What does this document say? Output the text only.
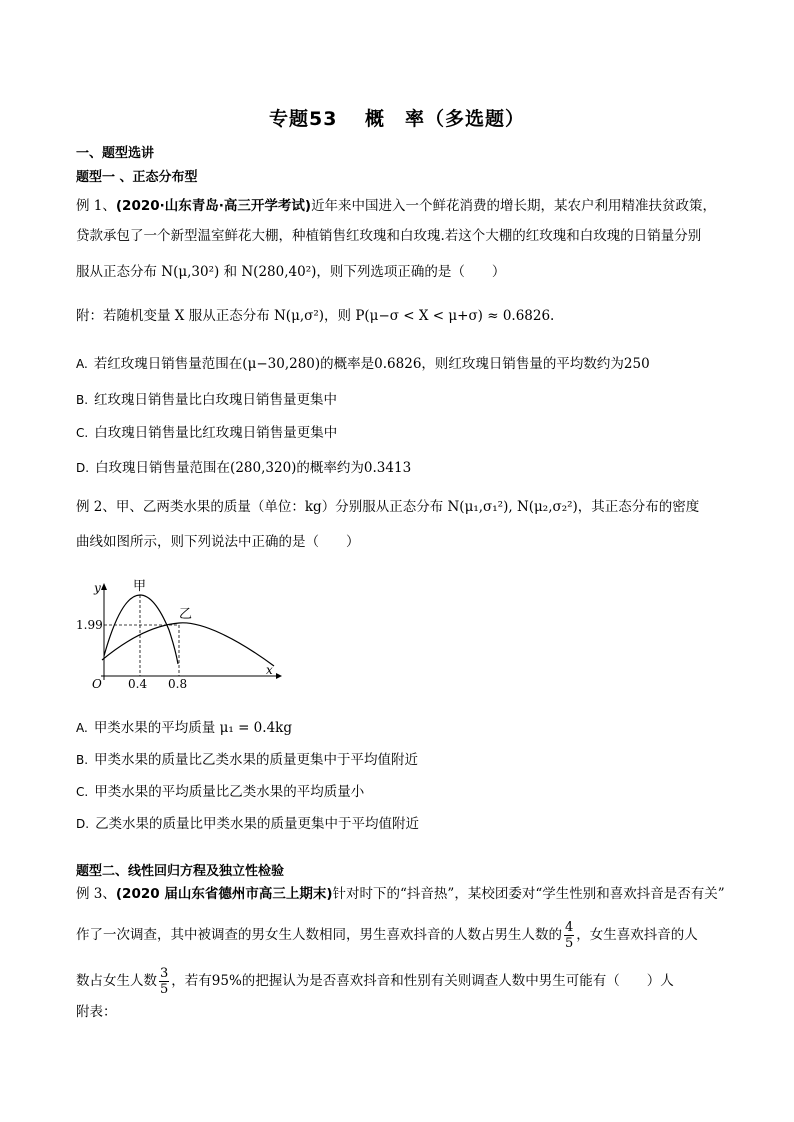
专题53　 概　率（多选题）
一、题型选讲
题型一 、正态分布型
例 1、(2020·山东青岛·高三开学考试)近年来中国进入一个鲜花消费的增长期，某农户利用精准扶贫政策，
贷款承包了一个新型温室鲜花大棚，种植销售红玫瑰和白玫瑰.若这个大棚的红玫瑰和白玫瑰的日销量分别
服从正态分布 N(μ,30²) 和 N(280,40²)，则下列选项正确的是（　　）
附：若随机变量 X 服从正态分布 N(μ,σ²)，则 P(μ−σ < X < μ+σ) ≈ 0.6826.
A. 若红玫瑰日销售量范围在(μ−30,280)的概率是0.6826，则红玫瑰日销售量的平均数约为250
B. 红玫瑰日销售量比白玫瑰日销售量更集中
C. 白玫瑰日销售量比红玫瑰日销售量更集中
D. 白玫瑰日销售量范围在(280,320)的概率约为0.3413
例 2、甲、乙两类水果的质量（单位：kg）分别服从正态分布 N(μ₁,σ₁²), N(μ₂,σ₂²)，其正态分布的密度
曲线如图所示，则下列说法中正确的是（　　）
y
x
O
1.99
0.4 0.8
甲
乙
A. 甲类水果的平均质量 μ₁ = 0.4kg
B. 甲类水果的质量比乙类水果的质量更集中于平均值附近
C. 甲类水果的平均质量比乙类水果的平均质量小
D. 乙类水果的质量比甲类水果的质量更集中于平均值附近
题型二、线性回归方程及独立性检验
例 3、(2020 届山东省德州市高三上期末)针对时下的“抖音热”，某校团委对“学生性别和喜欢抖音是否有关”
作了一次调查，其中被调查的男女生人数相同，男生喜欢抖音的人数占男生人数的 $\frac{4}{5}$ ，女生喜欢抖音的人
数占女生人数 $\frac{3}{5}$ ，若有95%的把握认为是否喜欢抖音和性别有关则调查人数中男生可能有（　　）人
附表：
